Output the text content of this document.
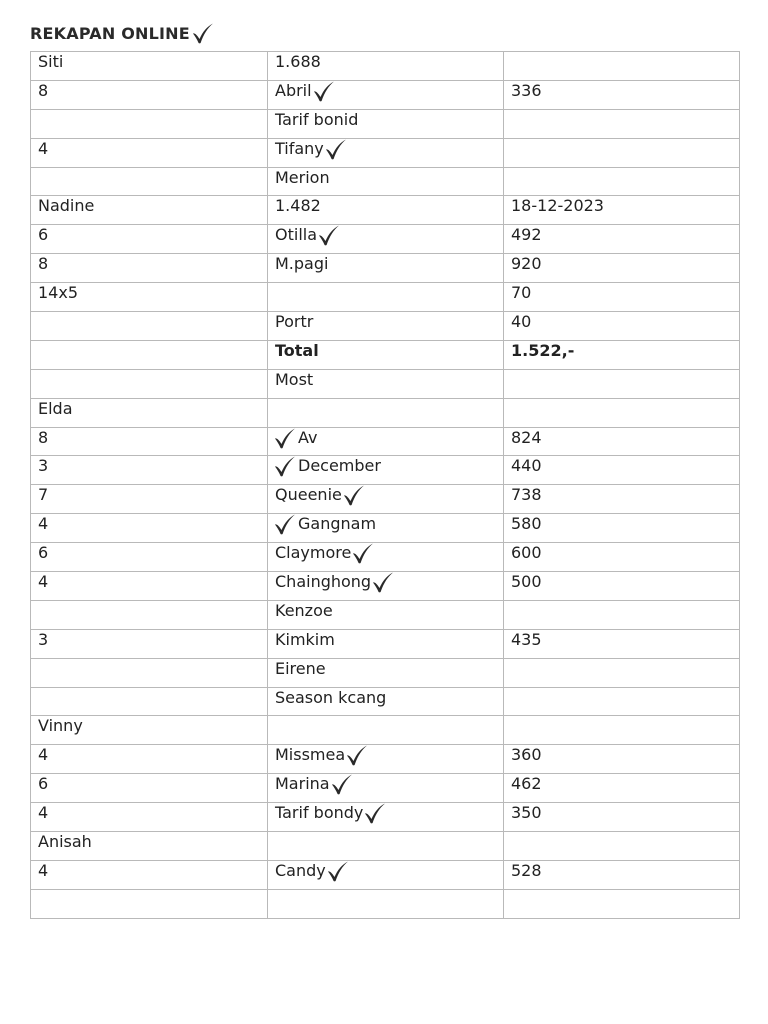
REKAPAN ONLINE
Siti	1.688	

8	Abril	336

	Tarif bonid	

4	Tifany	

	Merion	

Nadine	1.482	18-12-2023

6	Otilla	492

8	M.pagi	920

14x5		70

	Portr	40

	Total	1.522,-

	Most	

Elda		

8	Av	824

3	December	440

7	Queenie	738

4	Gangnam	580

6	Claymore	600

4	Chainghong	500

	Kenzoe	

3	Kimkim	435

	Eirene	

	Season kcang	

Vinny		

4	Missmea	360

6	Marina	462

4	Tarif bondy	350

Anisah		

4	Candy	528
